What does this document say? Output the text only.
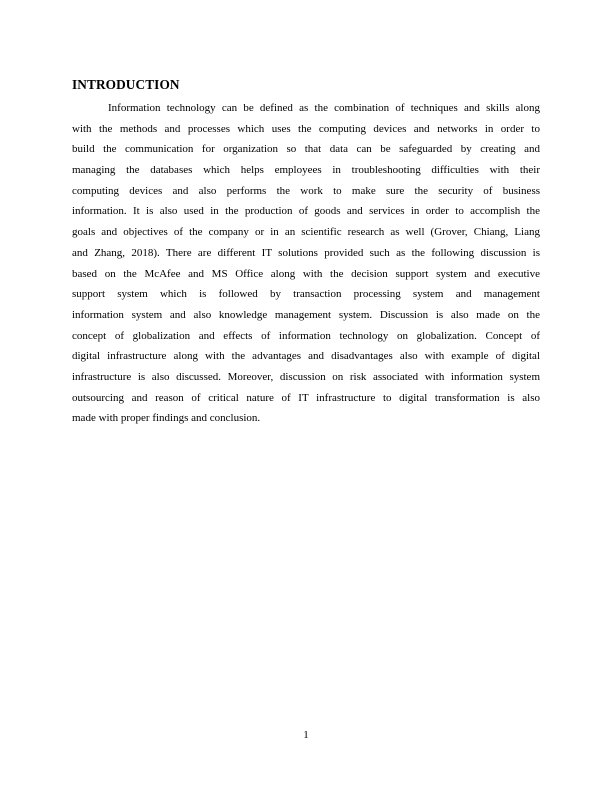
INTRODUCTION
Information technology can be defined as the combination of techniques and skills along
with the methods and processes which uses the computing devices and networks in order to
build the communication for organization so that data can be safeguarded by creating and
managing the databases which helps employees in troubleshooting difficulties with their
computing devices and also performs the work to make sure the security of business
information. It is also used in the production of goods and services in order to accomplish the
goals and objectives of the company or in an scientific research as well (Grover, Chiang, Liang
and Zhang, 2018). There are different IT solutions provided such as the following discussion is
based on the McAfee and MS Office along with the decision support system and executive
support system which is followed by transaction processing system and management
information system and also knowledge management system. Discussion is also made on the
concept of globalization and effects of information technology on globalization. Concept of
digital infrastructure along with the advantages and disadvantages also with example of digital
infrastructure is also discussed. Moreover, discussion on risk associated with information system
outsourcing and reason of critical nature of IT infrastructure to digital transformation is also
made with proper findings and conclusion.
1
